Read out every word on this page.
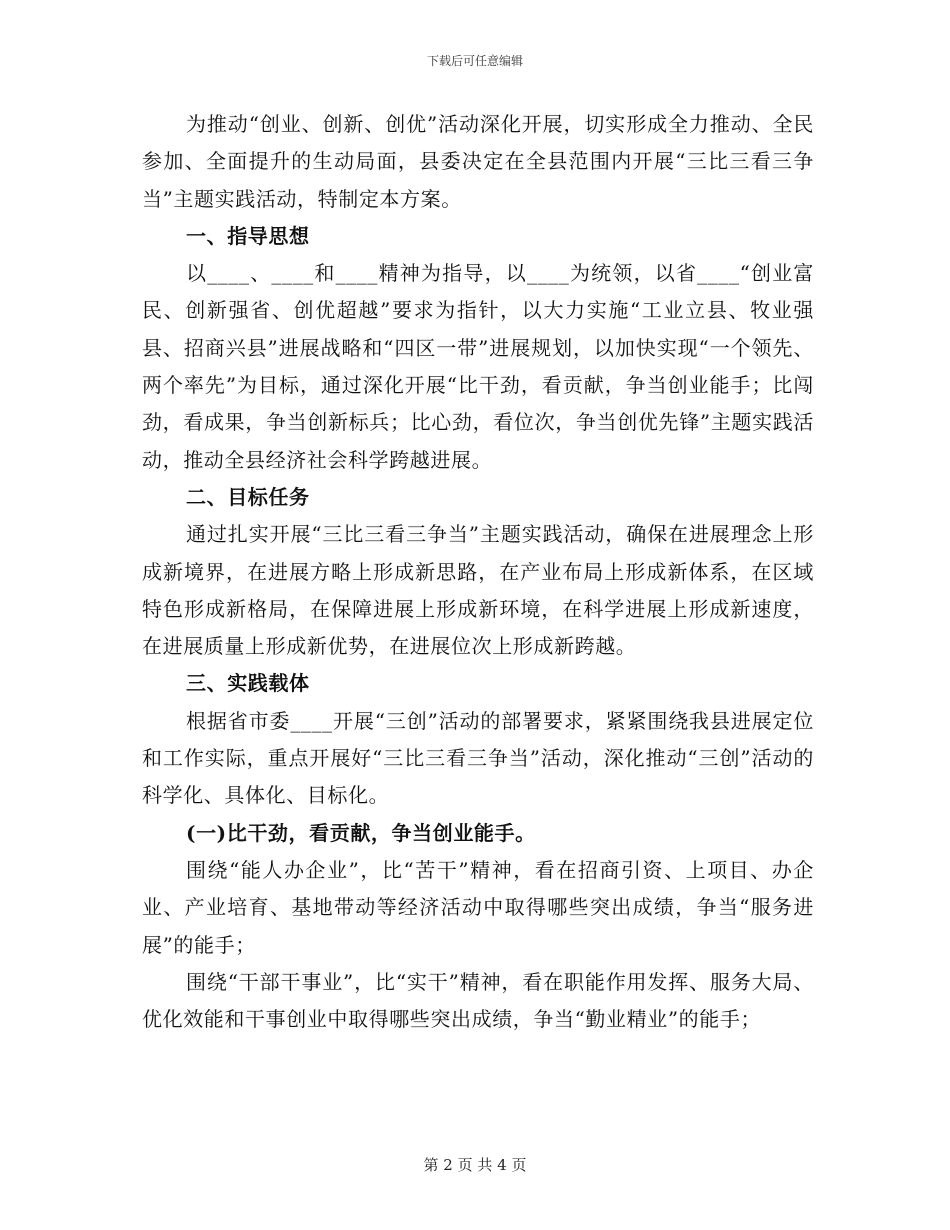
下载后可任意编辑

为推动“创业、创新、创优”活动深化开展，切实形成全力推动、全民参加、全面提升的生动局面，县委决定在全县范围内开展“三比三看三争当”主题实践活动，特制定本方案。

一、指导思想

以____、____和____精神为指导，以____为统领，以省____“创业富民、创新强省、创优超越”要求为指针，以大力实施“工业立县、牧业强县、招商兴县”进展战略和“四区一带”进展规划，以加快实现“一个领先、两个率先”为目标，通过深化开展“比干劲，看贡献，争当创业能手；比闯劲，看成果，争当创新标兵；比心劲，看位次，争当创优先锋”主题实践活动，推动全县经济社会科学跨越进展。

二、目标任务

通过扎实开展“三比三看三争当”主题实践活动，确保在进展理念上形成新境界，在进展方略上形成新思路，在产业布局上形成新体系，在区域特色形成新格局，在保障进展上形成新环境，在科学进展上形成新速度，在进展质量上形成新优势，在进展位次上形成新跨越。

三、实践载体

根据省市委____开展“三创”活动的部署要求，紧紧围绕我县进展定位和工作实际，重点开展好“三比三看三争当”活动，深化推动“三创”活动的科学化、具体化、目标化。

(一)比干劲，看贡献，争当创业能手。

围绕“能人办企业”，比“苦干”精神，看在招商引资、上项目、办企业、产业培育、基地带动等经济活动中取得哪些突出成绩，争当“服务进展”的能手；

围绕“干部干事业”，比“实干”精神，看在职能作用发挥、服务大局、优化效能和干事创业中取得哪些突出成绩，争当“勤业精业”的能手；

第 2 页 共 4 页
